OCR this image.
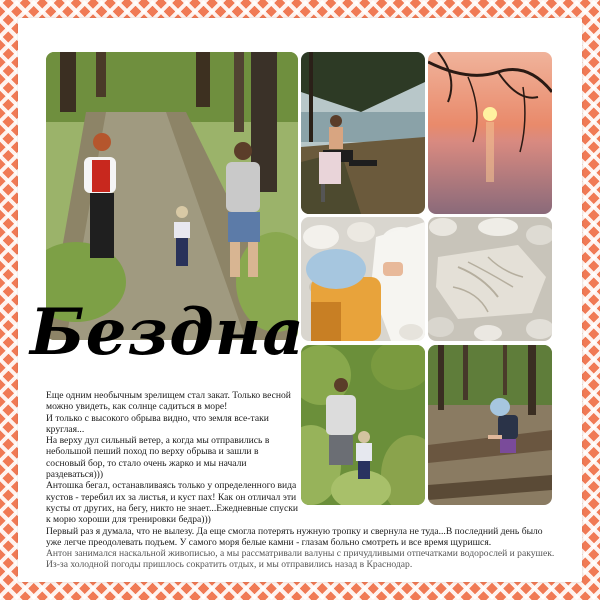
Бездна
Еще одним необычным зрелищем стал закат. Только весной можно увидеть, как солнце садиться в море!
И только с высокого обрыва видно, что земля все-таки круглая...
На верху дул сильный ветер, а когда мы отправились в небольшой пеший поход по верху обрыва и зашли в сосновый бор, то стало очень жарко и мы начали раздеваться)))
Антошка бегал, останавливаясь только у определенного вида кустов - теребил их за листья, и куст пах! Как он отличал эти кусты от других, на бегу, никто не знает...Ежедневные спуски к морю хороши для тренировки бедра)))
Первый раз я думала, что не вылезу. Да еще смогла потерять нужную тропку и свернула не туда...В последний день было уже легче преодолевать подъем. У самого моря белые камни - глазам больно смотреть и все время щуришся.
Антон занимался наскальной живописью, а мы рассматривали валуны с причудливыми отпечатками водорослей и ракушек. Из-за холодной погоды пришлось сократить отдых, и мы отправились назад в Краснодар.
